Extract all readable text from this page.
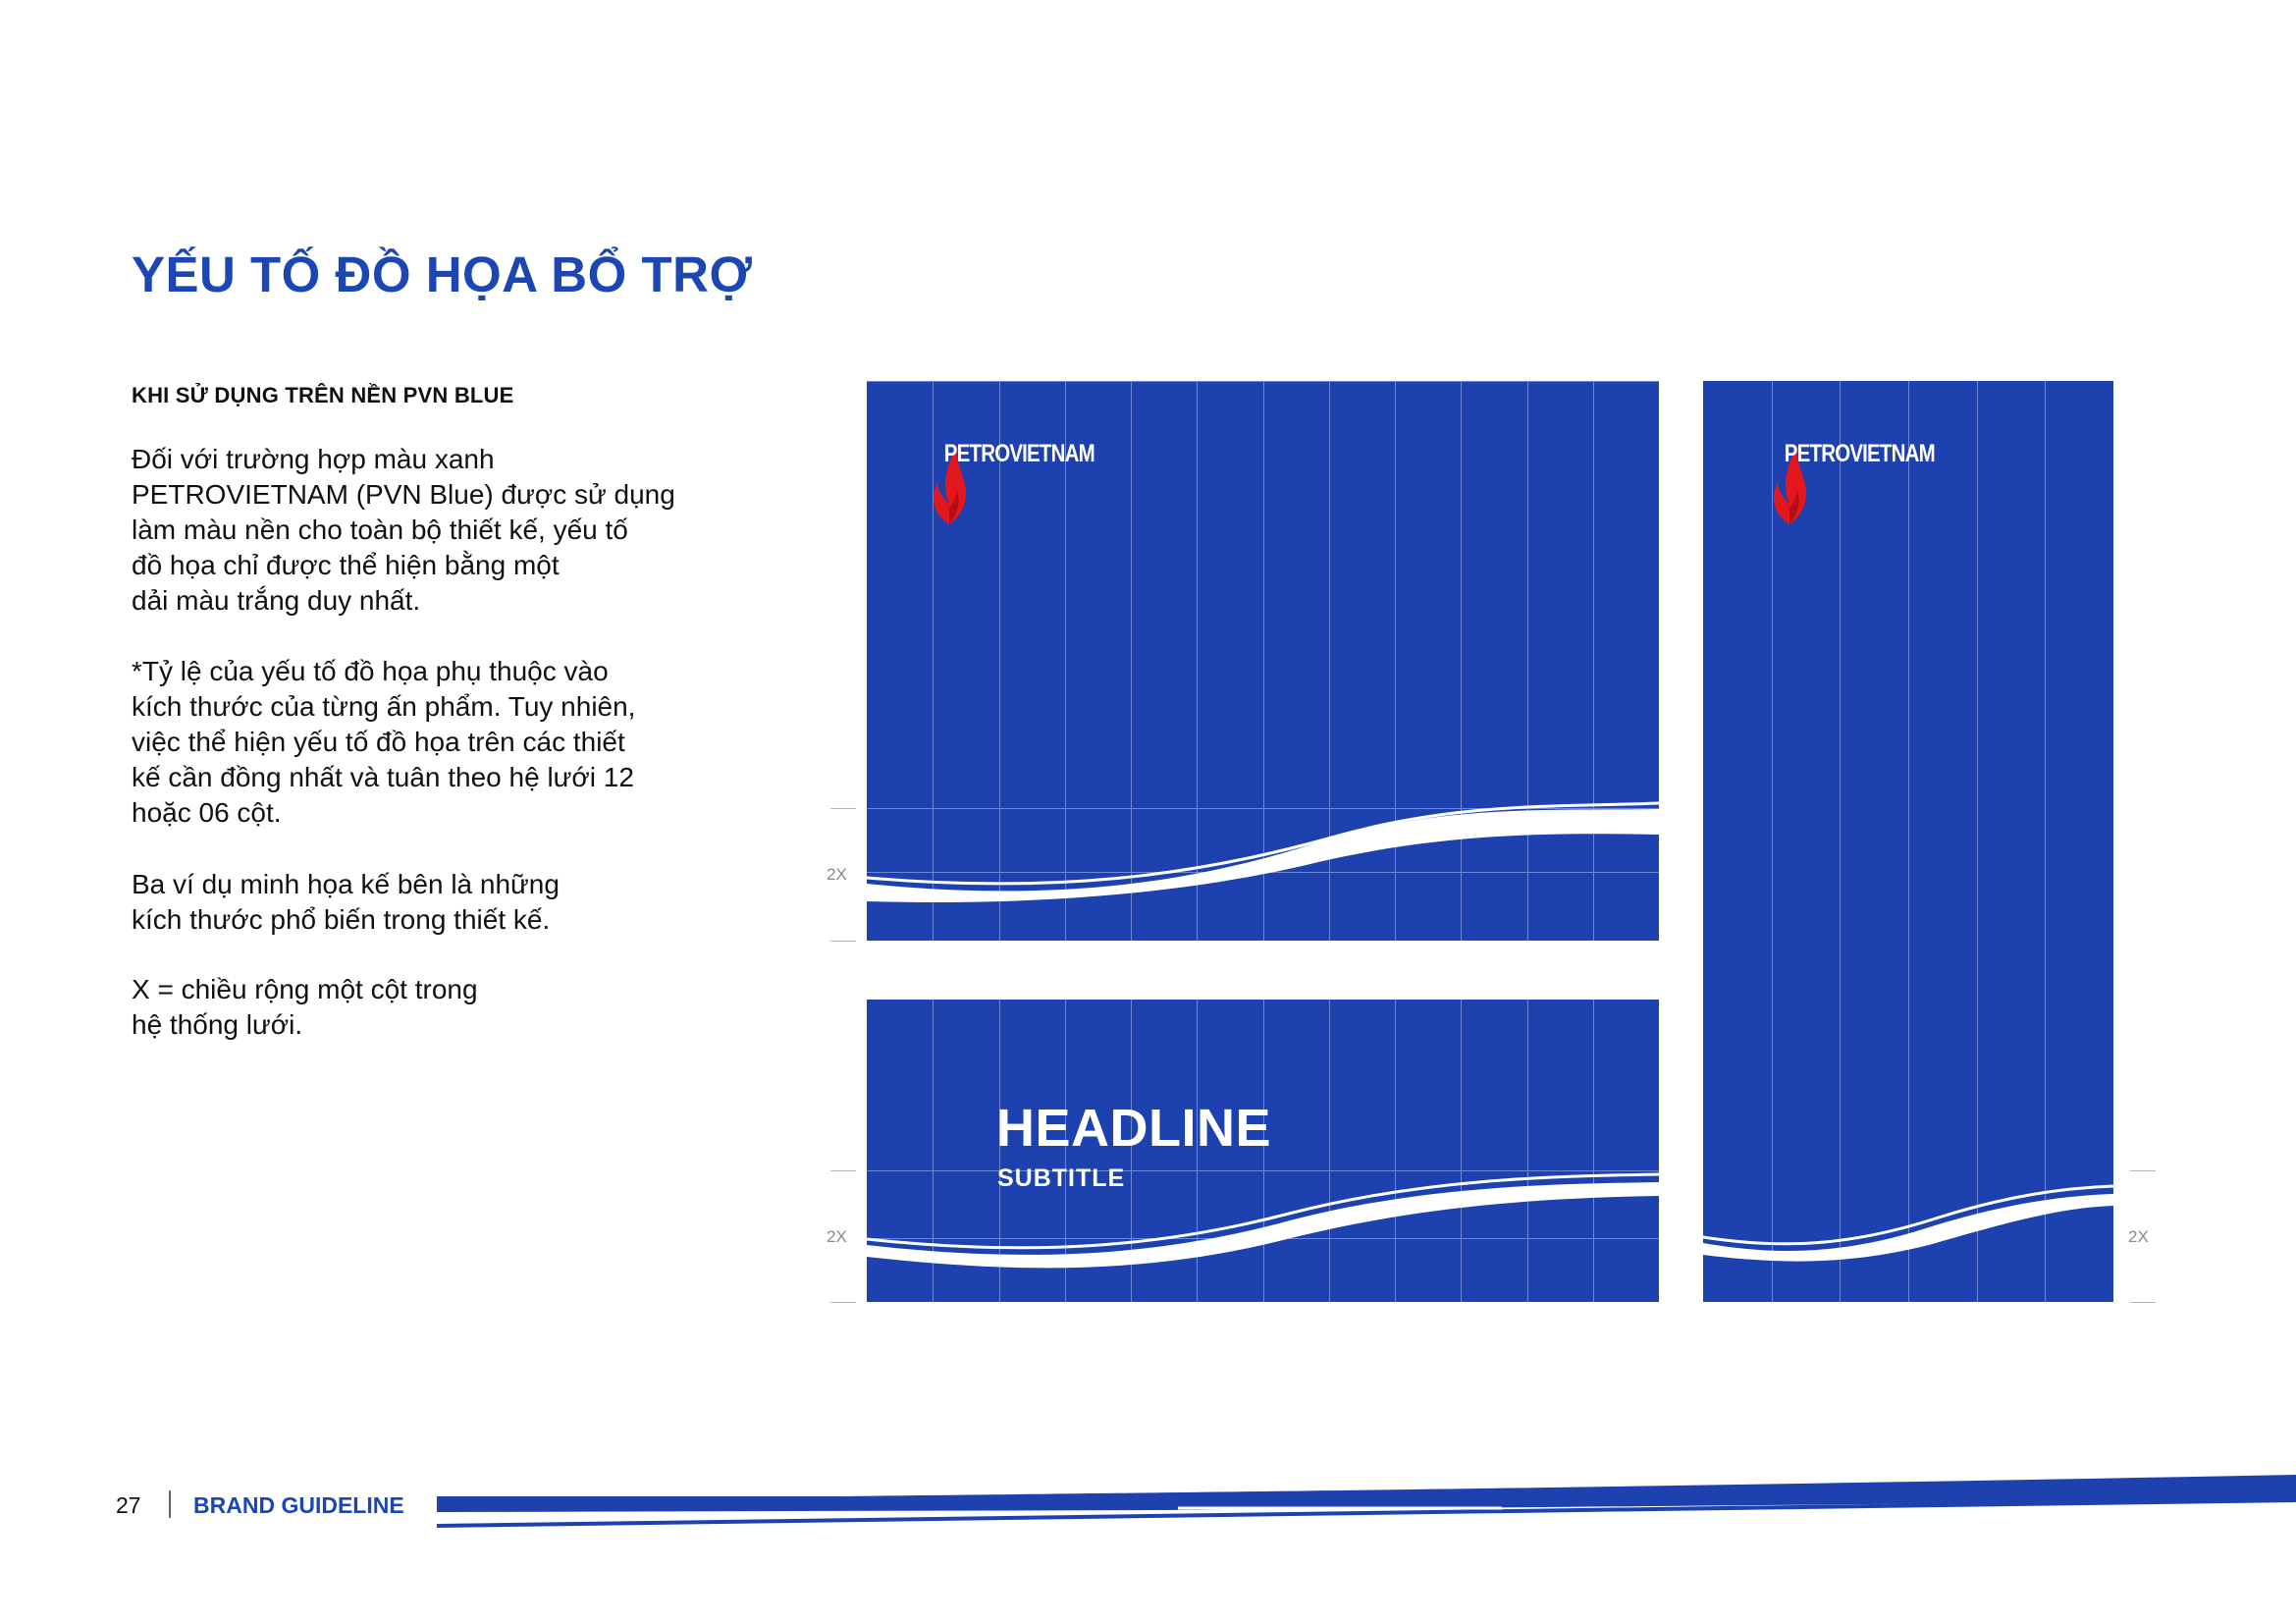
YẾU TỐ ĐỒ HỌA BỔ TRỢ
KHI SỬ DỤNG TRÊN NỀN PVN BLUE

Đối với trường hợp màu xanh
PETROVIETNAM (PVN Blue) được sử dụng
làm màu nền cho toàn bộ thiết kế, yếu tố
đồ họa chỉ được thể hiện bằng một
dải màu trắng duy nhất.

*Tỷ lệ của yếu tố đồ họa phụ thuộc vào
kích thước của từng ấn phẩm. Tuy nhiên,
việc thể hiện yếu tố đồ họa trên các thiết
kế cần đồng nhất và tuân theo hệ lưới 12
hoặc 06 cột.

Ba ví dụ minh họa kế bên là những
kích thước phổ biến trong thiết kế.

X = chiều rộng một cột trong
hệ thống lưới.

PETROVIETNAM	PETROVIETNAM
HEADLINE
SUBTITLE
2X
2X	2X
27 BRAND GUIDELINE
